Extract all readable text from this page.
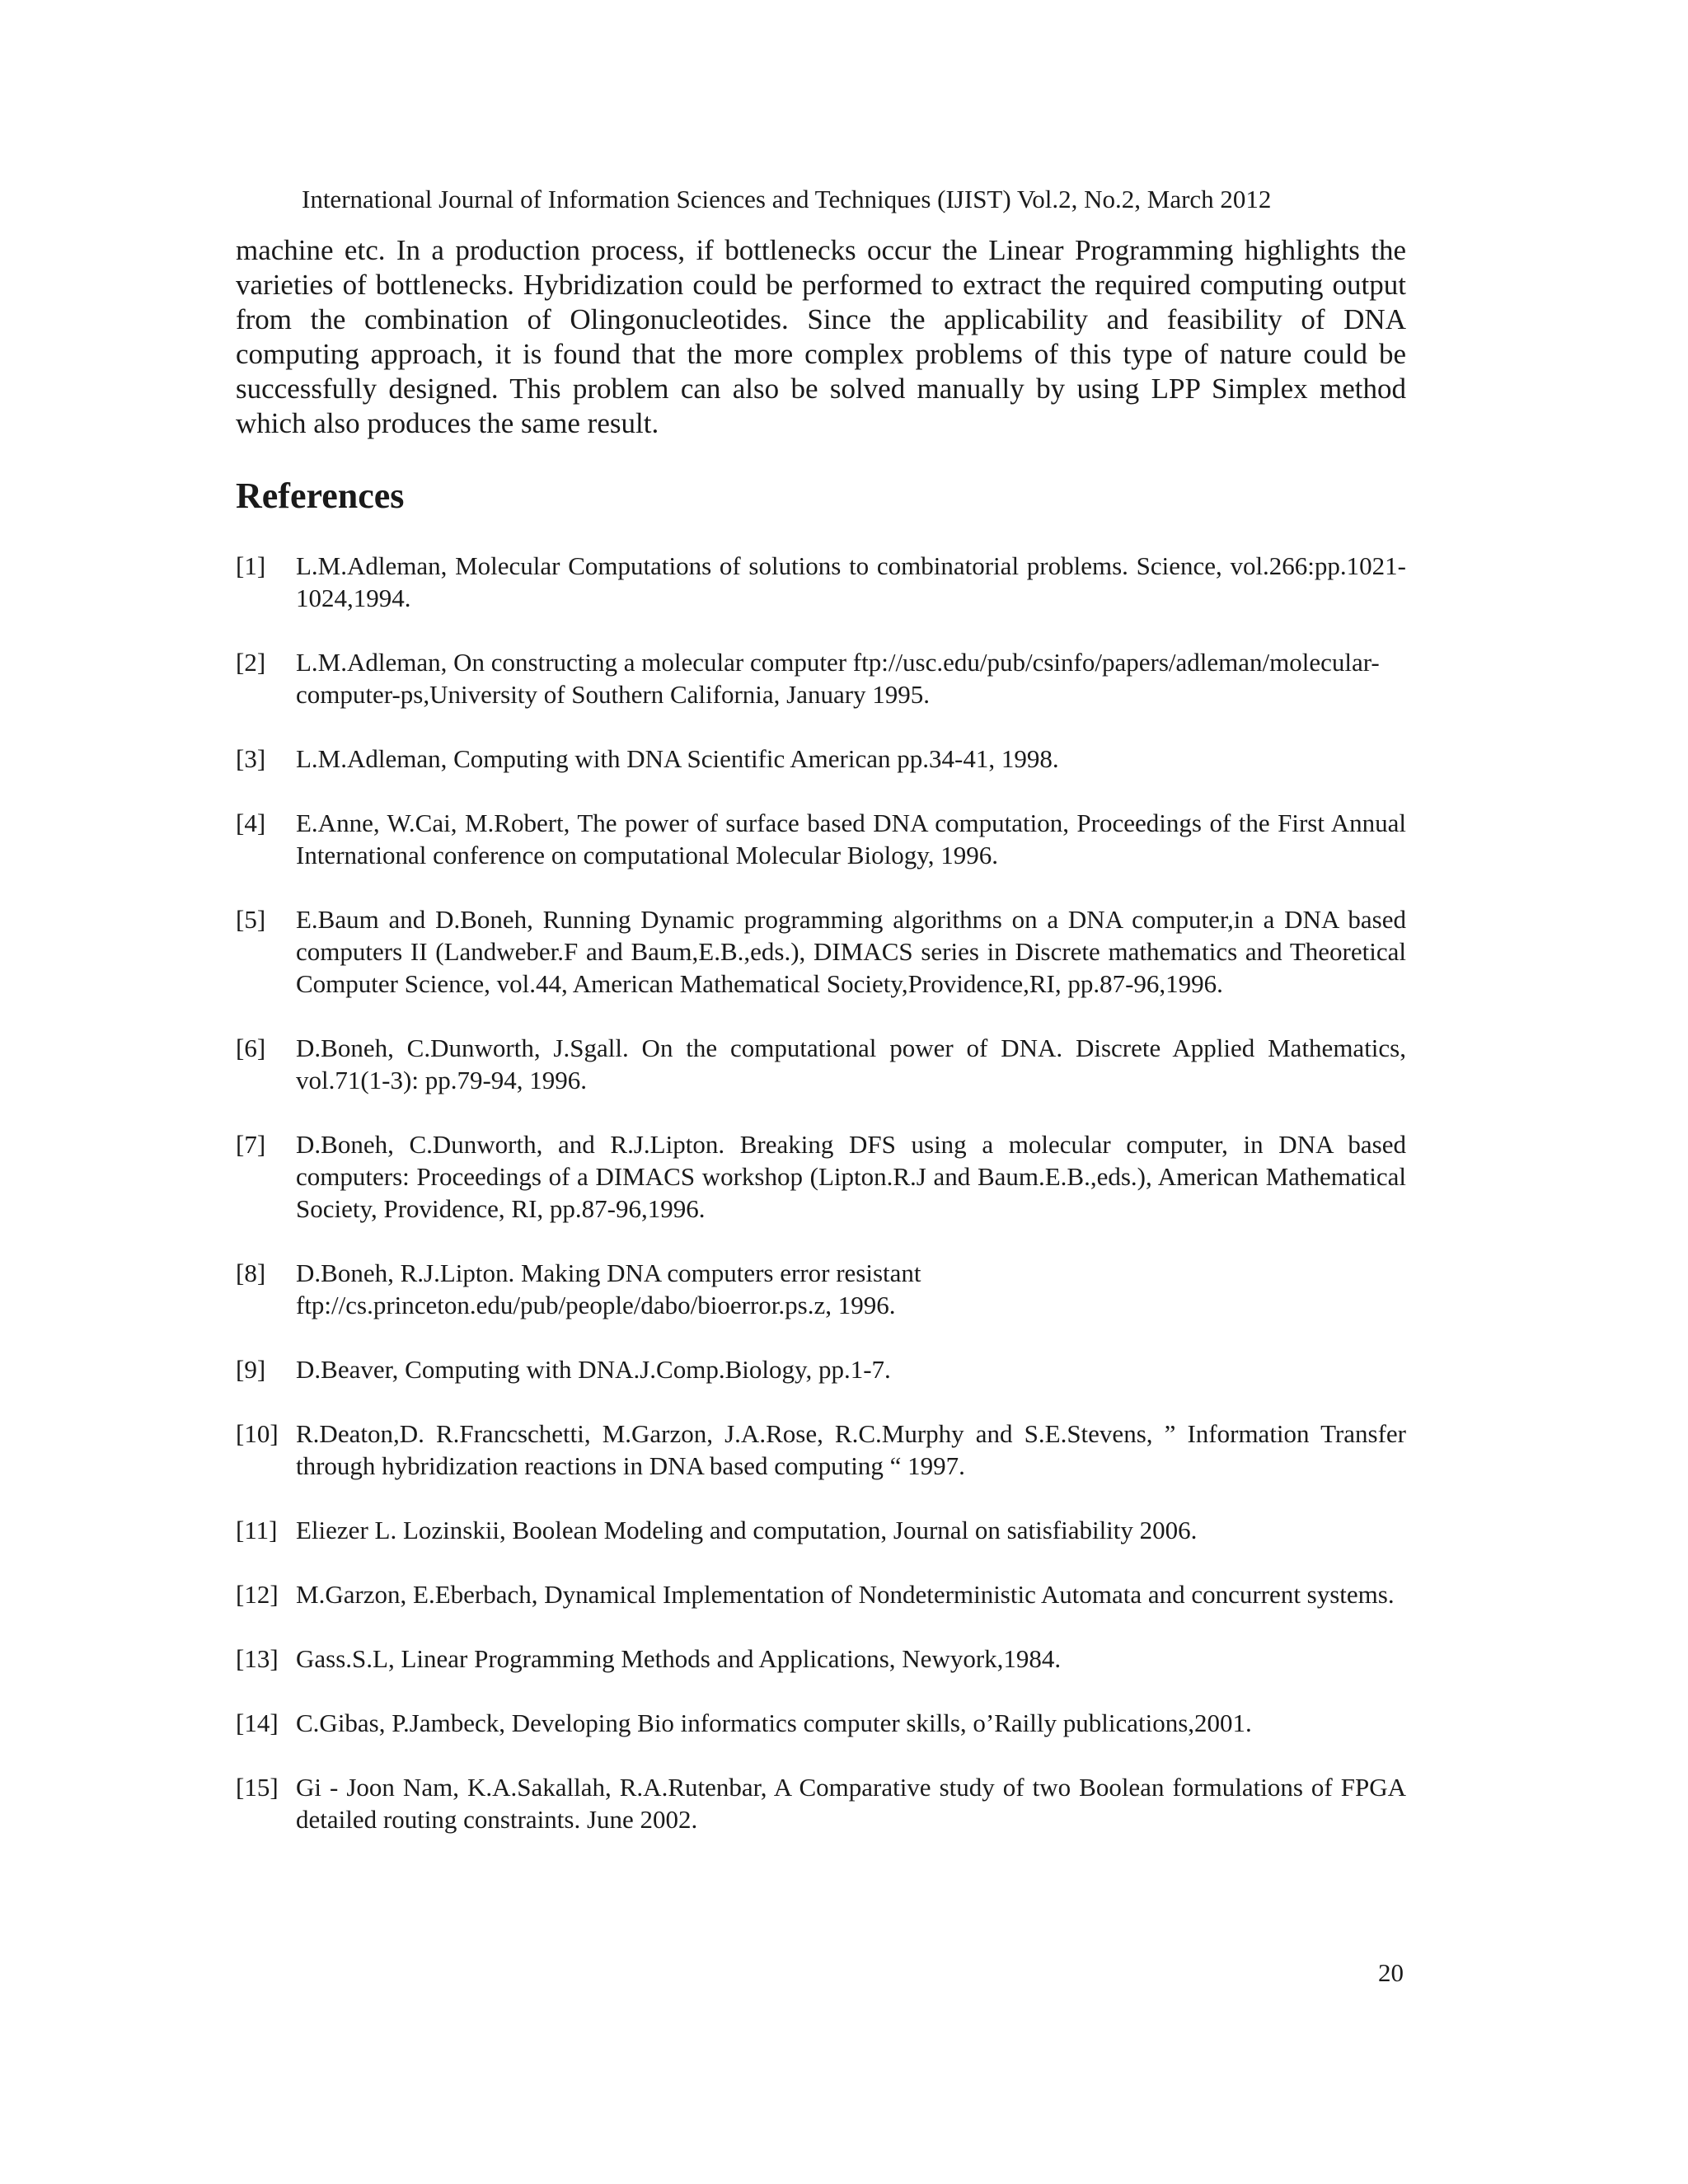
International Journal of Information Sciences and Techniques (IJIST) Vol.2, No.2, March 2012

machine etc. In a production process, if bottlenecks occur the Linear Programming highlights the varieties of bottlenecks. Hybridization could be performed to extract the required computing output from the combination of Olingonucleotides. Since the applicability and feasibility of DNA computing approach, it is found that the more complex problems of this type of nature could be successfully designed. This problem can also be solved manually by using LPP Simplex method which also produces the same result.

References
[1] L.M.Adleman, Molecular Computations of solutions to combinatorial problems. Science, vol.266:pp.1021-1024,1994.
[2] L.M.Adleman, On constructing a molecular computer ftp://usc.edu/pub/csinfo/papers/adleman/molecular-computer-ps,University of Southern California, January 1995.
[3] L.M.Adleman, Computing with DNA Scientific American pp.34-41, 1998.
[4] E.Anne, W.Cai, M.Robert, The power of surface based DNA computation, Proceedings of the First Annual International conference on computational Molecular Biology, 1996.
[5] E.Baum and D.Boneh, Running Dynamic programming algorithms on a DNA computer,in a DNA based computers II (Landweber.F and Baum,E.B.,eds.), DIMACS series in Discrete mathematics and Theoretical Computer Science, vol.44, American Mathematical Society,Providence,RI, pp.87-96,1996.
[6] D.Boneh, C.Dunworth, J.Sgall. On the computational power of DNA. Discrete Applied Mathematics, vol.71(1-3): pp.79-94, 1996.
[7] D.Boneh, C.Dunworth, and R.J.Lipton. Breaking DFS using a molecular computer, in DNA based computers: Proceedings of a DIMACS workshop (Lipton.R.J and Baum.E.B.,eds.), American Mathematical Society, Providence, RI, pp.87-96,1996.
[8] D.Boneh, R.J.Lipton. Making DNA computers error resistant ftp://cs.princeton.edu/pub/people/dabo/bioerror.ps.z, 1996.
[9] D.Beaver, Computing with DNA.J.Comp.Biology, pp.1-7.
[10] R.Deaton,D. R.Francschetti, M.Garzon, J.A.Rose, R.C.Murphy and S.E.Stevens, ” Information Transfer through hybridization reactions in DNA based computing “ 1997.
[11] Eliezer L. Lozinskii, Boolean Modeling and computation, Journal on satisfiability 2006.
[12] M.Garzon, E.Eberbach, Dynamical Implementation of Nondeterministic Automata and concurrent systems.
[13] Gass.S.L, Linear Programming Methods and Applications, Newyork,1984.
[14] C.Gibas, P.Jambeck, Developing Bio informatics computer skills, o’Railly publications,2001.
[15] Gi - Joon Nam, K.A.Sakallah, R.A.Rutenbar, A Comparative study of two Boolean formulations of FPGA detailed routing constraints. June 2002.
20
